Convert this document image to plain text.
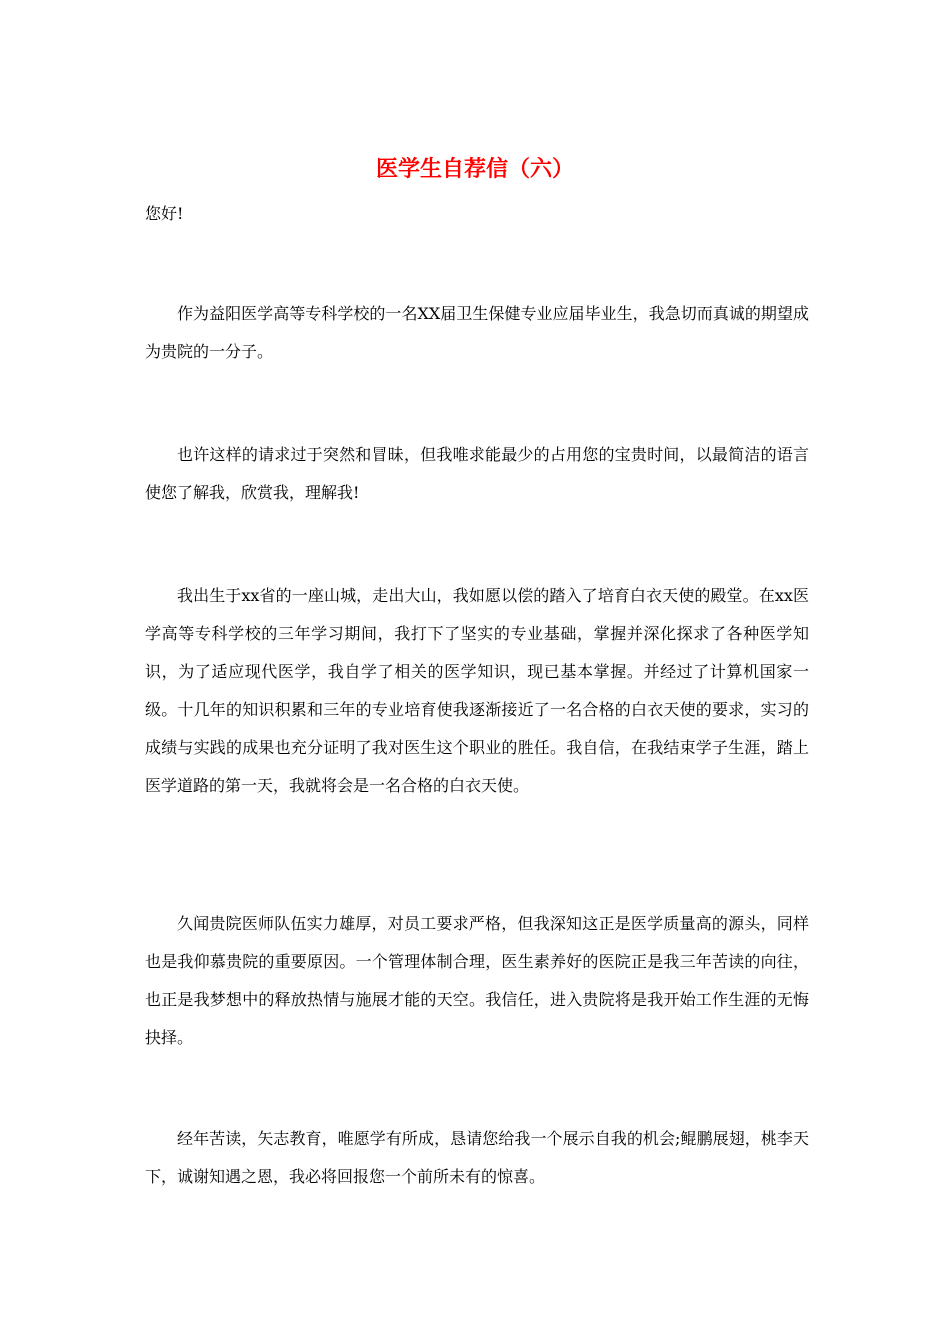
医学生自荐信（六）
您好!

作为益阳医学高等专科学校的一名XX届卫生保健专业应届毕业生，我急切而真诚的期望成为贵院的一分子。

也许这样的请求过于突然和冒昧，但我唯求能最少的占用您的宝贵时间，以最简洁的语言使您了解我，欣赏我，理解我!

我出生于xx省的一座山城，走出大山，我如愿以偿的踏入了培育白衣天使的殿堂。在xx医学高等专科学校的三年学习期间，我打下了坚实的专业基础，掌握并深化探求了各种医学知识，为了适应现代医学，我自学了相关的医学知识，现已基本掌握。并经过了计算机国家一级。十几年的知识积累和三年的专业培育使我逐渐接近了一名合格的白衣天使的要求，实习的成绩与实践的成果也充分证明了我对医生这个职业的胜任。我自信，在我结束学子生涯，踏上医学道路的第一天，我就将会是一名合格的白衣天使。

久闻贵院医师队伍实力雄厚，对员工要求严格，但我深知这正是医学质量高的源头，同样也是我仰慕贵院的重要原因。一个管理体制合理，医生素养好的医院正是我三年苦读的向往，也正是我梦想中的释放热情与施展才能的天空。我信任，进入贵院将是我开始工作生涯的无悔抉择。

经年苦读，矢志教育，唯愿学有所成，恳请您给我一个展示自我的机会;鲲鹏展翅，桃李天下，诚谢知遇之恩，我必将回报您一个前所未有的惊喜。
